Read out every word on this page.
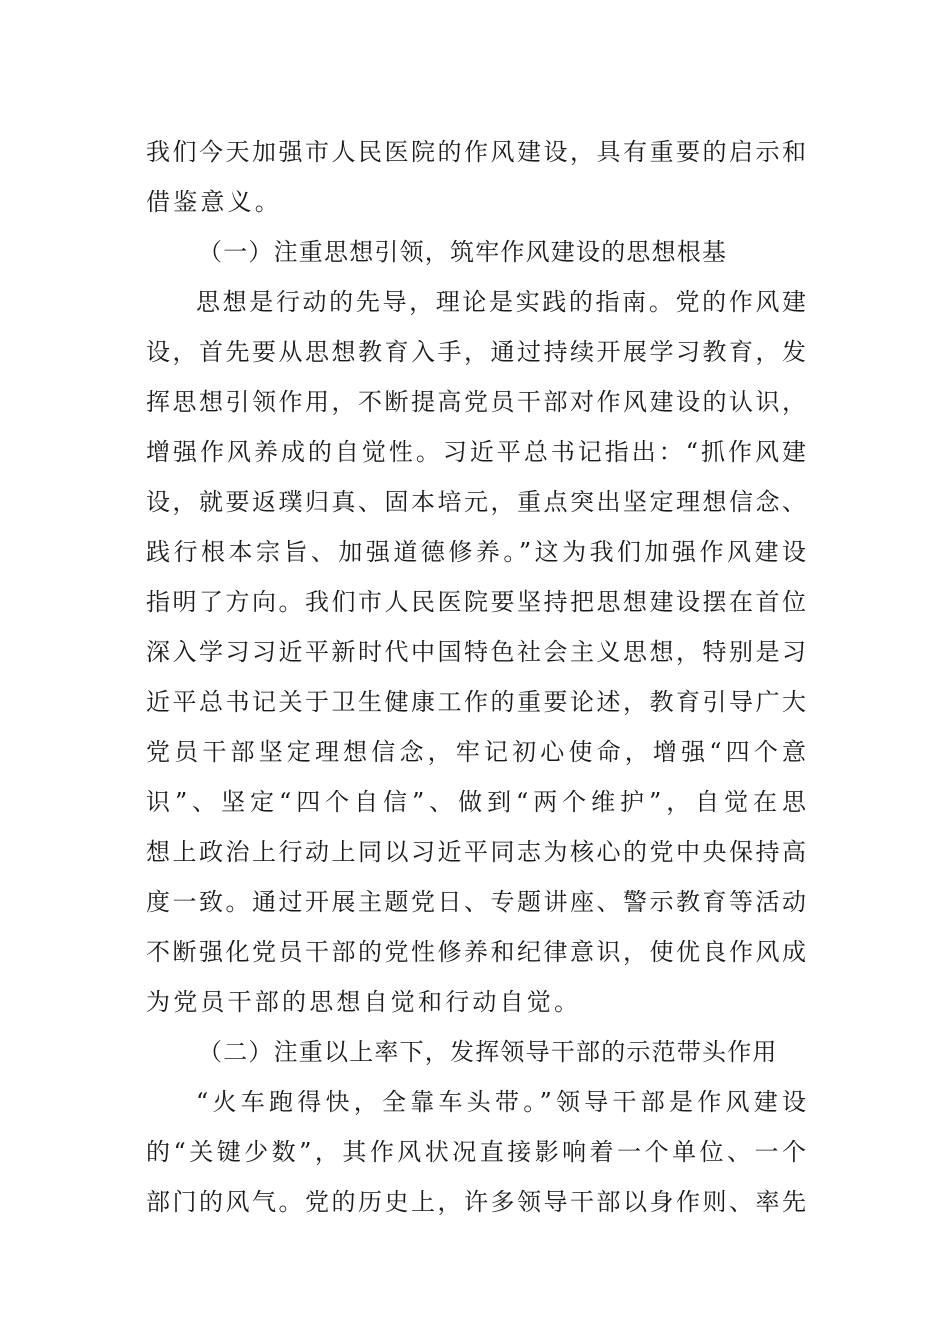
我们今天加强市人民医院的作风建设，具有重要的启示和
借鉴意义。
（一）注重思想引领，筑牢作风建设的思想根基
思想是行动的先导，理论是实践的指南。党的作风建
设，首先要从思想教育入手，通过持续开展学习教育，发
挥思想引领作用，不断提高党员干部对作风建设的认识，
增强作风养成的自觉性。习近平总书记指出：“抓作风建
设，就要返璞归真、固本培元，重点突出坚定理想信念、
践行根本宗旨、加强道德修养。”这为我们加强作风建设
指明了方向。我们市人民医院要坚持把思想建设摆在首位
深入学习习近平新时代中国特色社会主义思想，特别是习
近平总书记关于卫生健康工作的重要论述，教育引导广大
党员干部坚定理想信念，牢记初心使命，增强“四个意
识”、坚定“四个自信”、做到“两个维护”，自觉在思
想上政治上行动上同以习近平同志为核心的党中央保持高
度一致。通过开展主题党日、专题讲座、警示教育等活动
不断强化党员干部的党性修养和纪律意识，使优良作风成
为党员干部的思想自觉和行动自觉。
（二）注重以上率下，发挥领导干部的示范带头作用
“火车跑得快，全靠车头带。”领导干部是作风建设
的“关键少数”，其作风状况直接影响着一个单位、一个
部门的风气。党的历史上，许多领导干部以身作则、率先
